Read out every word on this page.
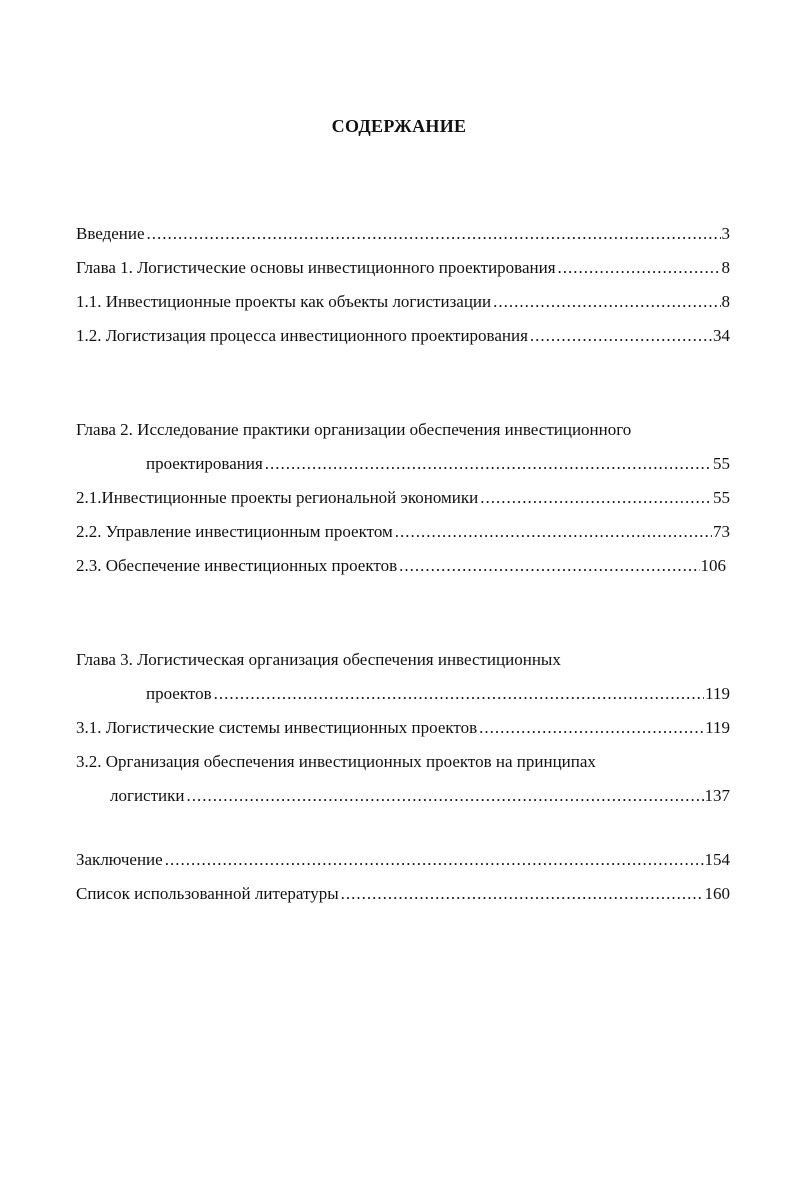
СОДЕРЖАНИЕ
Введение .....	3
Глава 1. Логистические основы инвестиционного проектирования .....	8
1.1. Инвестиционные проекты как объекты логистизации .....	8
1.2. Логистизация процесса инвестиционного проектирования .....	34
Глава 2. Исследование практики организации обеспечения инвестиционного
проектирования .....	55
2.1.Инвестиционные проекты региональной экономики .....	55
2.2. Управление инвестиционным проектом .....	73
2.3. Обеспечение инвестиционных проектов .....	106
Глава 3. Логистическая организация обеспечения инвестиционных
проектов .....	119
3.1. Логистические системы инвестиционных проектов .....	119
3.2. Организация обеспечения инвестиционных проектов на принципах
логистики .....	137
Заключение .....	154
Список использованной литературы .....	160
